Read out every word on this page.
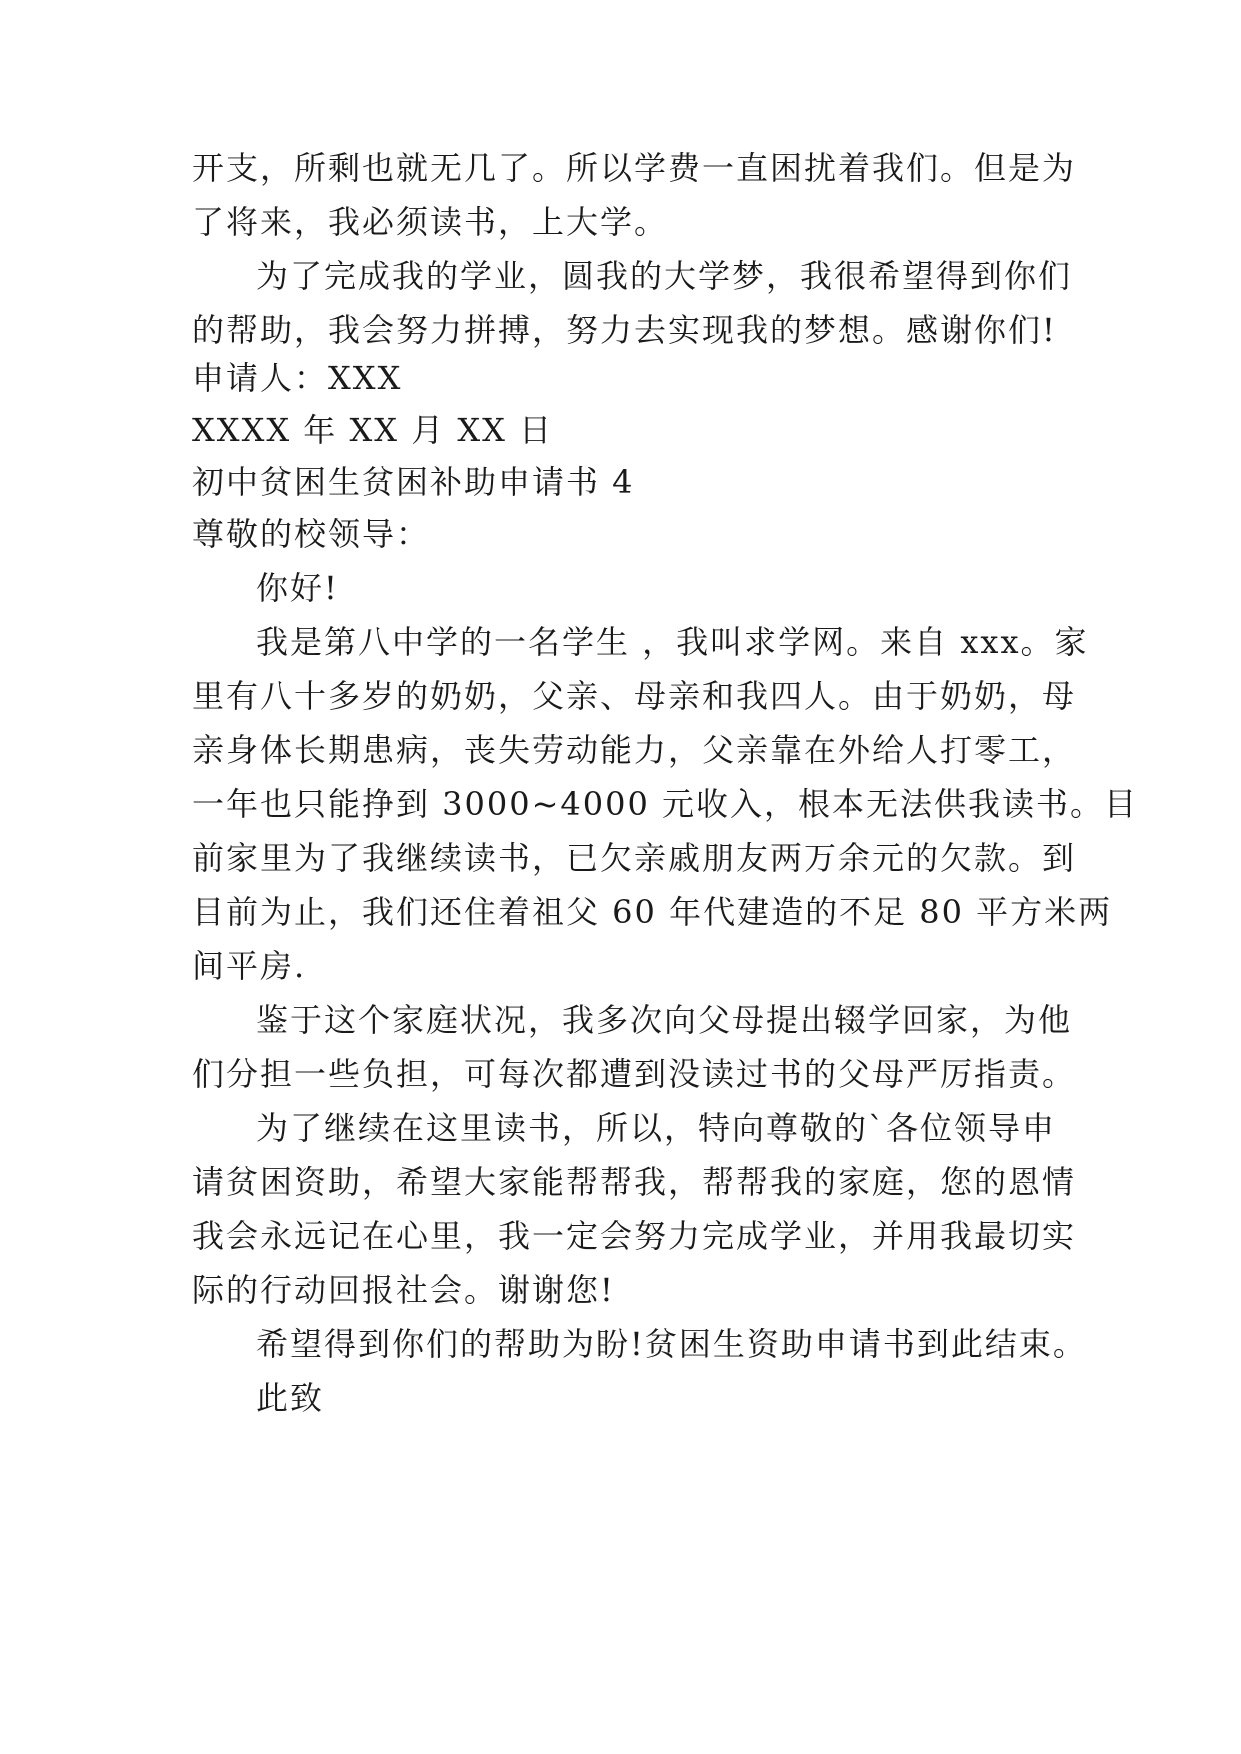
开支，所剩也就无几了。所以学费一直困扰着我们。但是为
了将来，我必须读书，上大学。
为了完成我的学业，圆我的大学梦，我很希望得到你们
的帮助，我会努力拼搏，努力去实现我的梦想。感谢你们!
申请人：XXX
XXXX 年 XX 月 XX 日
初中贫困生贫困补助申请书 4
尊敬的校领导：
你好!
我是第八中学的一名学生 ，我叫求学网。来自 xxx。家
里有八十多岁的奶奶，父亲、母亲和我四人。由于奶奶，母
亲身体长期患病，丧失劳动能力，父亲靠在外给人打零工，
一年也只能挣到 3000~4000 元收入，根本无法供我读书。目
前家里为了我继续读书，已欠亲戚朋友两万余元的欠款。到
目前为止，我们还住着祖父 60 年代建造的不足 80 平方米两
间平房.
鉴于这个家庭状况，我多次向父母提出辍学回家，为他
们分担一些负担，可每次都遭到没读过书的父母严厉指责。
为了继续在这里读书，所以，特向尊敬的`各位领导申
请贫困资助，希望大家能帮帮我，帮帮我的家庭，您的恩情
我会永远记在心里，我一定会努力完成学业，并用我最切实
际的行动回报社会。谢谢您!
希望得到你们的帮助为盼!贫困生资助申请书到此结束。
此致
